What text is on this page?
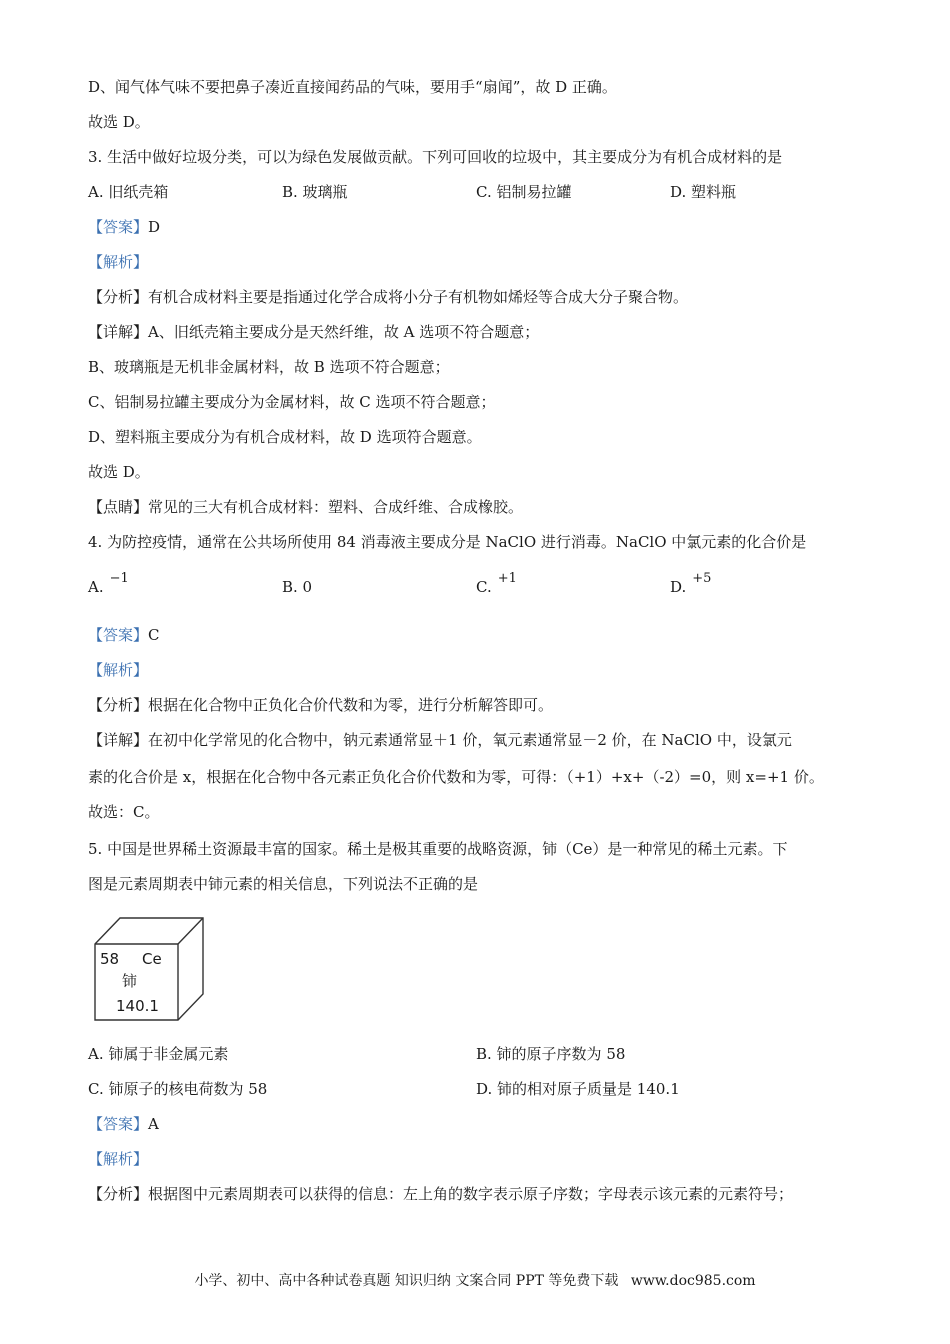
D、闻气体气味不要把鼻子凑近直接闻药品的气味，要用手“扇闻”，故 D 正确。
故选 D。
3. 生活中做好垃圾分类，可以为绿色发展做贡献。下列可回收的垃圾中，其主要成分为有机合成材料的是
A. 旧纸壳箱	B. 玻璃瓶	C. 铝制易拉罐	D. 塑料瓶
【答案】D
【解析】
【分析】有机合成材料主要是指通过化学合成将小分子有机物如烯烃等合成大分子聚合物。
【详解】A、旧纸壳箱主要成分是天然纤维，故 A 选项不符合题意；
B、玻璃瓶是无机非金属材料，故 B 选项不符合题意；
C、铝制易拉罐主要成分为金属材料，故 C 选项不符合题意；
D、塑料瓶主要成分为有机合成材料，故 D 选项符合题意。
故选 D。
【点睛】常见的三大有机合成材料：塑料、合成纤维、合成橡胶。
4. 为防控疫情，通常在公共场所使用 84 消毒液主要成分是 NaClO 进行消毒。NaClO 中氯元素的化合价是
A. $^{-1}$	B. 0	C. $^{+1}$	D. $^{+5}$
【答案】C
【解析】
【分析】根据在化合物中正负化合价代数和为零，进行分析解答即可。
【详解】在初中化学常见的化合物中，钠元素通常显＋1 价，氧元素通常显－2 价，在 NaClO 中，设氯元
素的化合价是 x，根据在化合物中各元素正负化合价代数和为零，可得：（+1）+x+（-2）=0，则 x=+1 价。
故选：C。
5. 中国是世界稀土资源最丰富的国家。稀土是极其重要的战略资源，铈（Ce）是一种常见的稀土元素。下
图是元素周期表中铈元素的相关信息，下列说法不正确的是
58 Ce
铈
140.1
A. 铈属于非金属元素	B. 铈的原子序数为 58
C. 铈原子的核电荷数为 58	D. 铈的相对原子质量是 140.1
【答案】A
【解析】
【分析】根据图中元素周期表可以获得的信息：左上角的数字表示原子序数；字母表示该元素的元素符号；
小学、初中、高中各种试卷真题 知识归纳 文案合同 PPT 等免费下载 www.doc985.com
